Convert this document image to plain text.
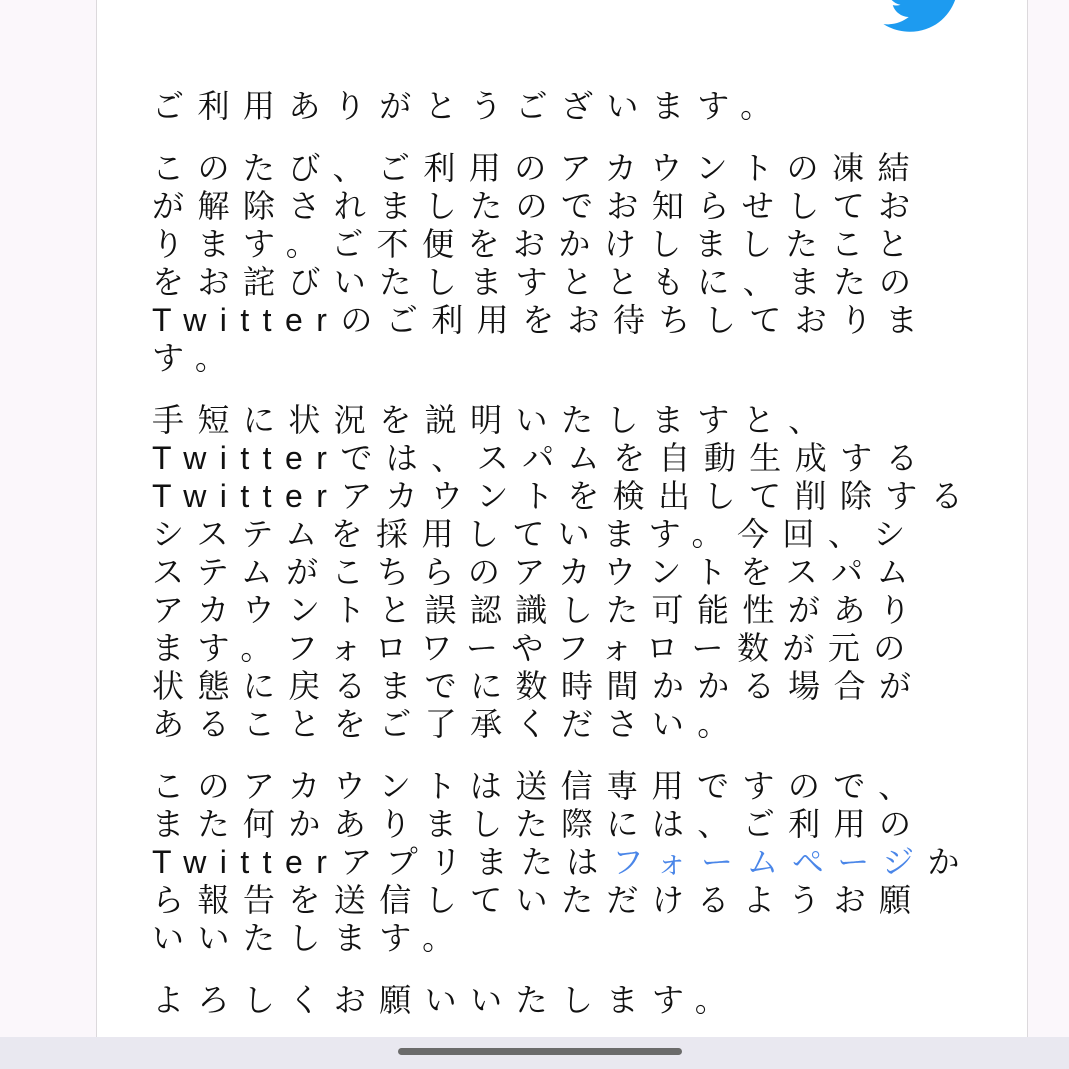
ご利用ありがとうございます。
このたび、ご利用のアカウントの凍結
が解除されましたのでお知らせしてお
ります。ご不便をおかけしましたこと
をお詫びいたしますとともに、またの
Twitterのご利用をお待ちしておりま
す。
手短に状況を説明いたしますと、
Twitterでは、スパムを自動生成する
Twitterアカウントを検出して削除する
システムを採用しています。今回、シ
ステムがこちらのアカウントをスパム
アカウントと誤認識した可能性があり
ます。フォロワーやフォロー数が元の
状態に戻るまでに数時間かかる場合が
あることをご了承ください。
このアカウントは送信専用ですので、
また何かありました際には、ご利用の
Twitterアプリまたはフォームページか
ら報告を送信していただけるようお願
いいたします。
よろしくお願いいたします。
